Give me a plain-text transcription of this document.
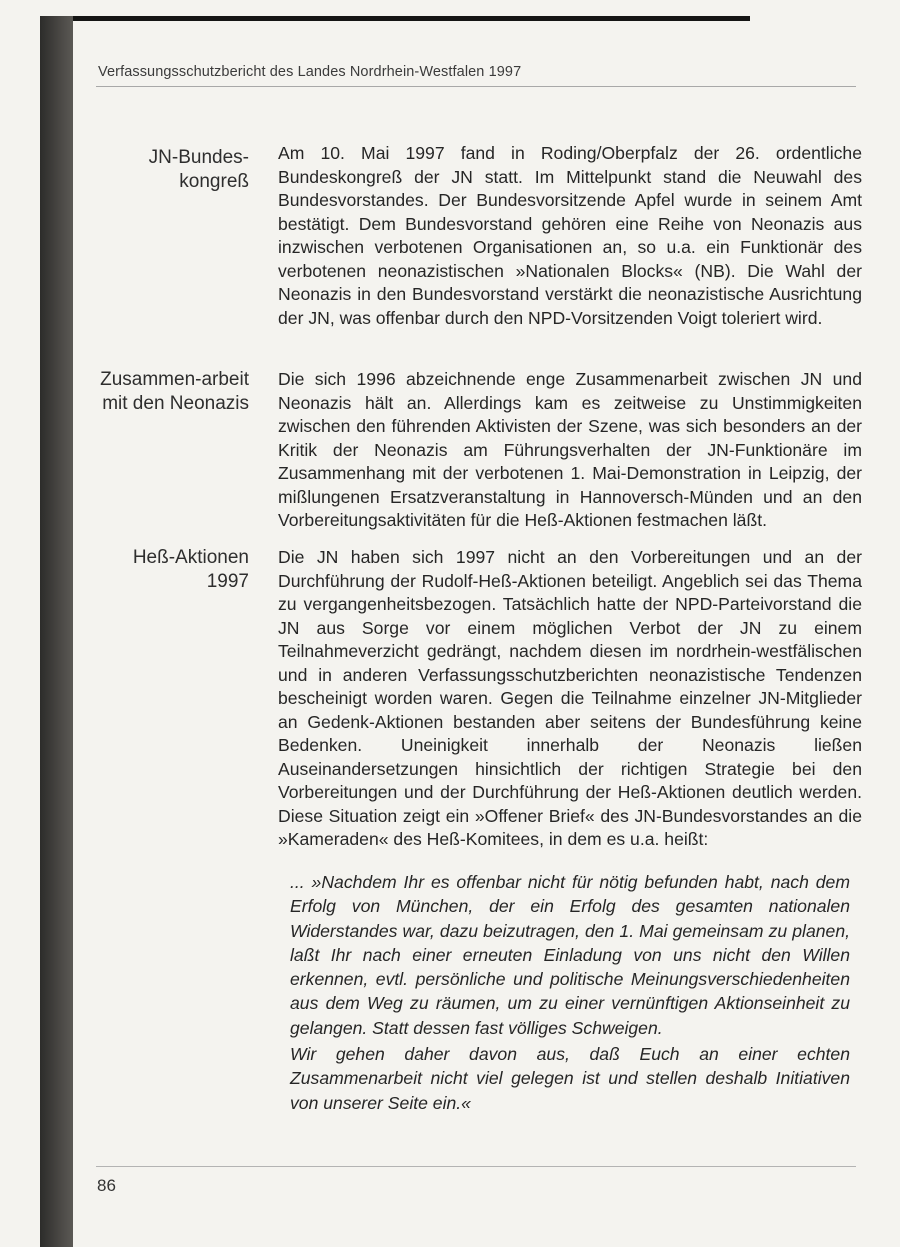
Verfassungsschutzbericht des Landes Nordrhein-Westfalen 1997
JN-Bundes-kongreß

Am 10. Mai 1997 fand in Roding/Oberpfalz der 26. ordentliche Bundeskongreß der JN statt. Im Mittelpunkt stand die Neuwahl des Bundesvorstandes. Der Bundesvorsitzende Apfel wurde in seinem Amt bestätigt. Dem Bundesvorstand gehören eine Reihe von Neonazis aus inzwischen verbotenen Organisationen an, so u.a. ein Funktionär des verbotenen neonazistischen »Nationalen Blocks« (NB). Die Wahl der Neonazis in den Bundesvorstand verstärkt die neonazistische Ausrichtung der JN, was offenbar durch den NPD-Vorsitzenden Voigt toleriert wird.

Zusammen-arbeit mit den Neonazis

Die sich 1996 abzeichnende enge Zusammenarbeit zwischen JN und Neonazis hält an. Allerdings kam es zeitweise zu Unstimmigkeiten zwischen den führenden Aktivisten der Szene, was sich besonders an der Kritik der Neonazis am Führungsverhalten der JN-Funktionäre im Zusammenhang mit der verbotenen 1. Mai-Demonstration in Leipzig, der mißlungenen Ersatzveranstaltung in Hannoversch-Münden und an den Vorbereitungsaktivitäten für die Heß-Aktionen festmachen läßt.

Heß-Aktionen 1997

Die JN haben sich 1997 nicht an den Vorbereitungen und an der Durchführung der Rudolf-Heß-Aktionen beteiligt. Angeblich sei das Thema zu vergangenheitsbezogen. Tatsächlich hatte der NPD-Parteivorstand die JN aus Sorge vor einem möglichen Verbot der JN zu einem Teilnahmeverzicht gedrängt, nachdem diesen im nordrhein-westfälischen und in anderen Verfassungsschutzberichten neonazistische Tendenzen bescheinigt worden waren. Gegen die Teilnahme einzelner JN-Mitglieder an Gedenk-Aktionen bestanden aber seitens der Bundesführung keine Bedenken. Uneinigkeit innerhalb der Neonazis ließen Auseinandersetzungen hinsichtlich der richtigen Strategie bei den Vorbereitungen und der Durchführung der Heß-Aktionen deutlich werden. Diese Situation zeigt ein »Offener Brief« des JN-Bundesvorstandes an die »Kameraden« des Heß-Komitees, in dem es u.a. heißt:

... »Nachdem Ihr es offenbar nicht für nötig befunden habt, nach dem Erfolg von München, der ein Erfolg des gesamten nationalen Widerstandes war, dazu beizutragen, den 1. Mai gemeinsam zu planen, laßt Ihr nach einer erneuten Einladung von uns nicht den Willen erkennen, evtl. persönliche und politische Meinungsverschiedenheiten aus dem Weg zu räumen, um zu einer vernünftigen Aktionseinheit zu gelangen. Statt dessen fast völliges Schweigen.

Wir gehen daher davon aus, daß Euch an einer echten Zusammenarbeit nicht viel gelegen ist und stellen deshalb Initiativen von unserer Seite ein.«

86
